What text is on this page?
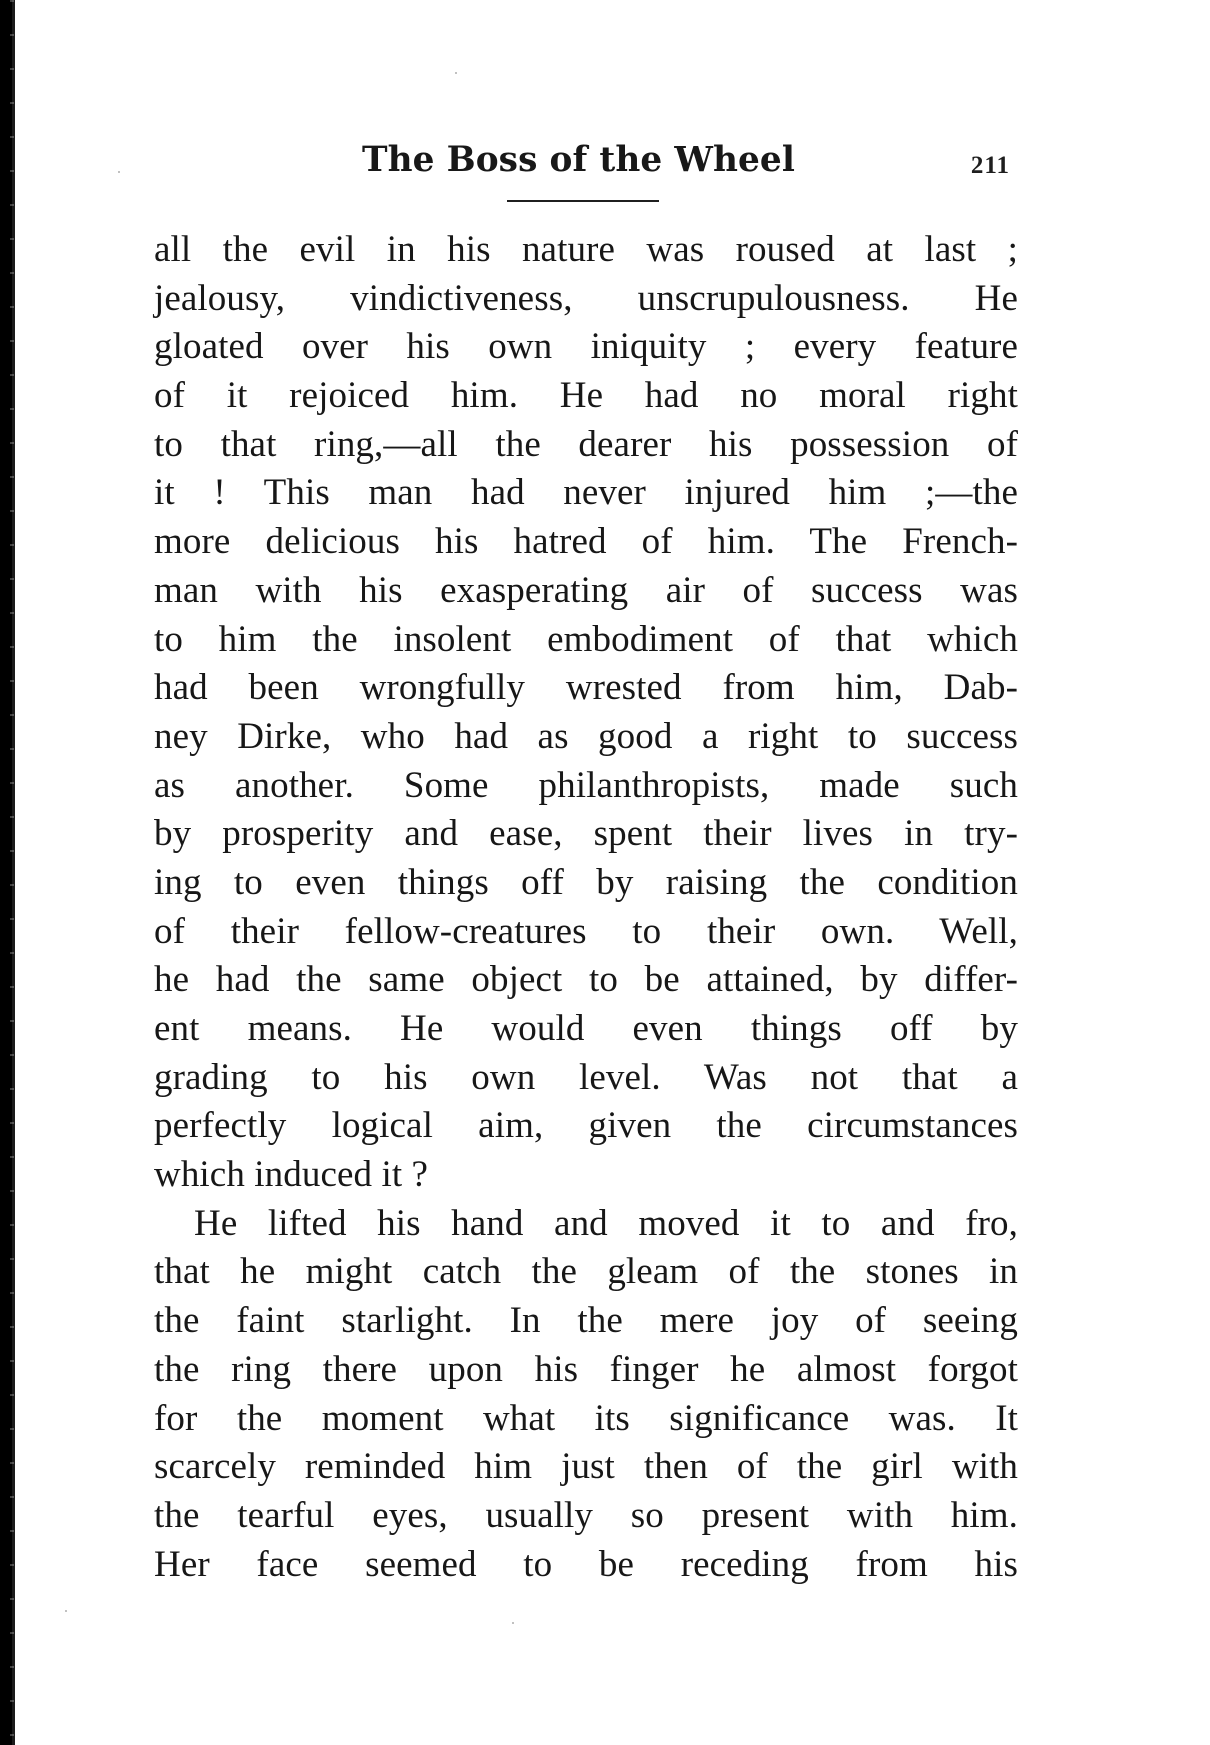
The Boss of the Wheel	211
all the evil in his nature was roused at last ;
jealousy, vindictiveness, unscrupulousness. He
gloated over his own iniquity ; every feature
of it rejoiced him. He had no moral right
to that ring,—all the dearer his possession of
it ! This man had never injured him ;—the
more delicious his hatred of him. The French-
man with his exasperating air of success was
to him the insolent embodiment of that which
had been wrongfully wrested from him, Dab-
ney Dirke, who had as good a right to success
as another. Some philanthropists, made such
by prosperity and ease, spent their lives in try-
ing to even things off by raising the condition
of their fellow-creatures to their own. Well,
he had the same object to be attained, by differ-
ent means. He would even things off by
grading to his own level. Was not that a
perfectly logical aim, given the circumstances
which induced it ?
He lifted his hand and moved it to and fro,
that he might catch the gleam of the stones in
the faint starlight. In the mere joy of seeing
the ring there upon his finger he almost forgot
for the moment what its significance was. It
scarcely reminded him just then of the girl with
the tearful eyes, usually so present with him.
Her face seemed to be receding from his
